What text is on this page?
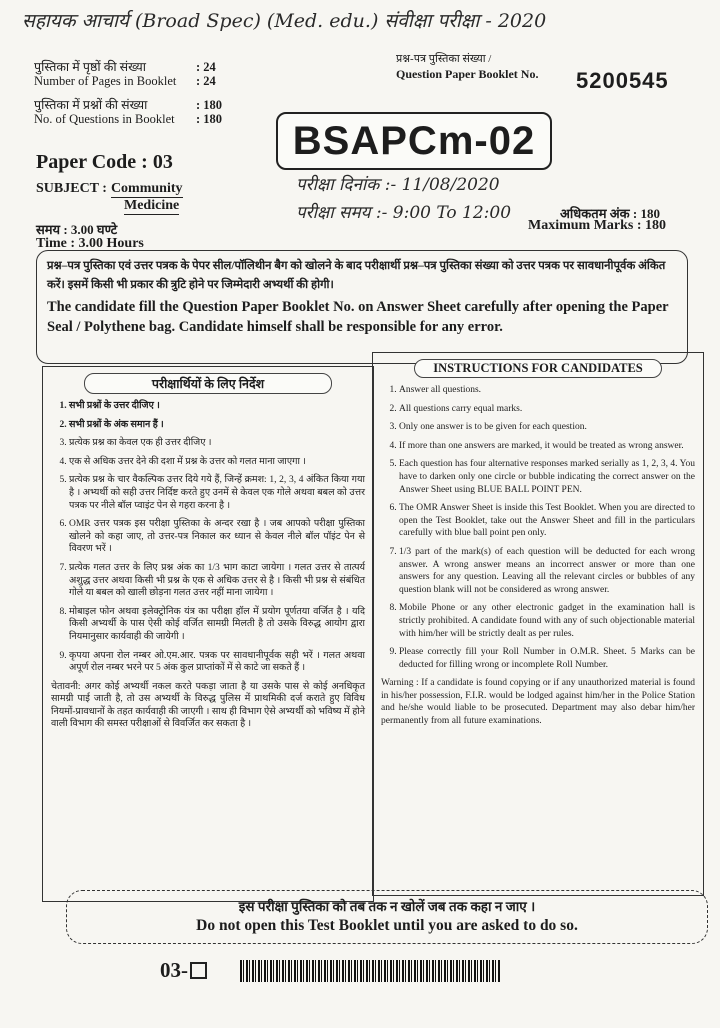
सहायक आचार्य (Broad Spec) (Med. edu.) संवीक्षा परीक्षा - 2020
पुस्तिका में पृष्ठों की संख्या	: 24
Number of Pages in Booklet	: 24
पुस्तिका में प्रश्नों की संख्या	: 180
No. of Questions in Booklet	: 180
प्रश्न-पत्र पुस्तिका संख्या /
Question Paper Booklet No. 5200545
BSAPCm-02
Paper Code : 03
SUBJECT : Community
Medicine
समय : 3.00 घण्टे
Time : 3.00 Hours
परीक्षा दिनांक :- 11/08/2020
परीक्षा समय :- 9:00 To 12:00	अधिकतम अंक : 180
Maximum Marks : 180
प्रश्न–पत्र पुस्तिका एवं उत्तर पत्रक के पेपर सील/पॉलिथीन बैग को खोलने के बाद परीक्षार्थी प्रश्न–पत्र पुस्तिका संख्या को उत्तर पत्रक पर सावधानीपूर्वक अंकित करें। इसमें किसी भी प्रकार की त्रुटि होने पर जिम्मेदारी अभ्यर्थी की होगी।
The candidate fill the Question Paper Booklet No. on Answer Sheet carefully after opening the Paper Seal / Polythene bag. Candidate himself shall be responsible for any error.
परीक्षार्थियों के लिए निर्देश
1. सभी प्रश्नों के उत्तर दीजिए ।
2. सभी प्रश्नों के अंक समान हैं ।
3. प्रत्येक प्रश्न का केवल एक ही उत्तर दीजिए ।
4. एक से अधिक उत्तर देने की दशा में प्रश्न के उत्तर को गलत माना जाएगा ।
5. प्रत्येक प्रश्न के चार वैकल्पिक उत्तर दिये गये हैं, जिन्हें क्रमश: 1, 2, 3, 4 अंकित किया गया है । अभ्यर्थी को सही उत्तर निर्दिष्ट करते हुए उनमें से केवल एक गोले अथवा बबल को उत्तर पत्रक पर नीले बॉल प्वाइंट पेन से गहरा करना है ।
6. OMR उत्तर पत्रक इस परीक्षा पुस्तिका के अन्दर रखा है । जब आपको परीक्षा पुस्तिका खोलने को कहा जाए, तो उत्तर-पत्र निकाल कर ध्यान से केवल नीले बॉल पॉइंट पेन से विवरण भरें ।
7. प्रत्येक गलत उत्तर के लिए प्रश्न अंक का 1/3 भाग काटा जायेगा । गलत उत्तर से तात्पर्य अशुद्ध उत्तर अथवा किसी भी प्रश्न के एक से अधिक उत्तर से है । किसी भी प्रश्न से संबंधित गोले या बबल को खाली छोड़ना गलत उत्तर नहीं माना जायेगा ।
8. मोबाइल फोन अथवा इलेक्ट्रोनिक यंत्र का परीक्षा हॉल में प्रयोग पूर्णतया वर्जित है । यदि किसी अभ्यर्थी के पास ऐसी कोई वर्जित सामग्री मिलती है तो उसके विरुद्ध आयोग द्वारा नियमानुसार कार्यवाही की जायेगी ।
9. कृपया अपना रोल नम्बर ओ.एम.आर. पत्रक पर सावधानीपूर्वक सही भरें । गलत अथवा अपूर्ण रोल नम्बर भरने पर 5 अंक कुल प्राप्तांकों में से काटे जा सकते हैं ।
चेतावनी: अगर कोई अभ्यर्थी नकल करते पकड़ा जाता है या उसके पास से कोई अनधिकृत सामग्री पाई जाती है, तो उस अभ्यर्थी के विरुद्ध पुलिस में प्राथमिकी दर्ज कराते हुए विविध नियमों-प्रावधानों के तहत कार्यवाही की जाएगी । साथ ही विभाग ऐसे अभ्यर्थी को भविष्य में होने वाली विभाग की समस्त परीक्षाओं से विवर्जित कर सकता है ।
INSTRUCTIONS FOR CANDIDATES
1. Answer all questions.
2. All questions carry equal marks.
3. Only one answer is to be given for each question.
4. If more than one answers are marked, it would be treated as wrong answer.
5. Each question has four alternative responses marked serially as 1, 2, 3, 4. You have to darken only one circle or bubble indicating the correct answer on the Answer Sheet using BLUE BALL POINT PEN.
6. The OMR Answer Sheet is inside this Test Booklet. When you are directed to open the Test Booklet, take out the Answer Sheet and fill in the particulars carefully with blue ball point pen only.
7. 1/3 part of the mark(s) of each question will be deducted for each wrong answer. A wrong answer means an incorrect answer or more than one answers for any question. Leaving all the relevant circles or bubbles of any question blank will not be considered as wrong answer.
8. Mobile Phone or any other electronic gadget in the examination hall is strictly prohibited. A candidate found with any of such objectionable material with him/her will be strictly dealt as per rules.
9. Please correctly fill your Roll Number in O.M.R. Sheet. 5 Marks can be deducted for filling wrong or incomplete Roll Number.
Warning : If a candidate is found copying or if any unauthorized material is found in his/her possession, F.I.R. would be lodged against him/her in the Police Station and he/she would liable to be prosecuted. Department may also debar him/her permanently from all future examinations.
इस परीक्षा पुस्तिका को तब तक न खोलें जब तक कहा न जाए ।
Do not open this Test Booklet until you are asked to do so.
03-
